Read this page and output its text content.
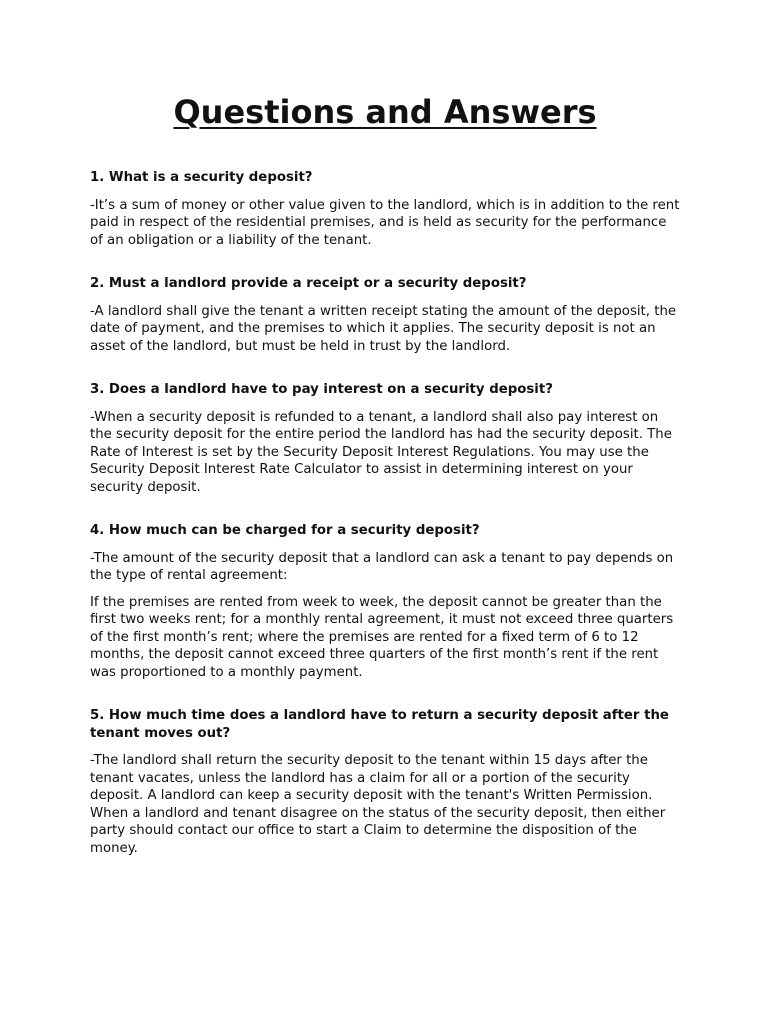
Questions and Answers

1. What is a security deposit?

-It’s a sum of money or other value given to the landlord, which is in addition to the rent paid in respect of the residential premises, and is held as security for the performance of an obligation or a liability of the tenant.

2. Must a landlord provide a receipt or a security deposit?

-A landlord shall give the tenant a written receipt stating the amount of the deposit, the date of payment, and the premises to which it applies. The security deposit is not an asset of the landlord, but must be held in trust by the landlord.

3. Does a landlord have to pay interest on a security deposit?

-When a security deposit is refunded to a tenant, a landlord shall also pay interest on the security deposit for the entire period the landlord has had the security deposit. The Rate of Interest is set by the Security Deposit Interest Regulations. You may use the Security Deposit Interest Rate Calculator to assist in determining interest on your security deposit.

4. How much can be charged for a security deposit?

-The amount of the security deposit that a landlord can ask a tenant to pay depends on the type of rental agreement:

If the premises are rented from week to week, the deposit cannot be greater than the first two weeks rent; for a monthly rental agreement, it must not exceed three quarters of the first month’s rent; where the premises are rented for a fixed term of 6 to 12 months, the deposit cannot exceed three quarters of the first month’s rent if the rent was proportioned to a monthly payment.

5. How much time does a landlord have to return a security deposit after the tenant moves out?

-The landlord shall return the security deposit to the tenant within 15 days after the tenant vacates, unless the landlord has a claim for all or a portion of the security deposit. A landlord can keep a security deposit with the tenant's Written Permission. When a landlord and tenant disagree on the status of the security deposit, then either party should contact our office to start a Claim to determine the disposition of the money.
